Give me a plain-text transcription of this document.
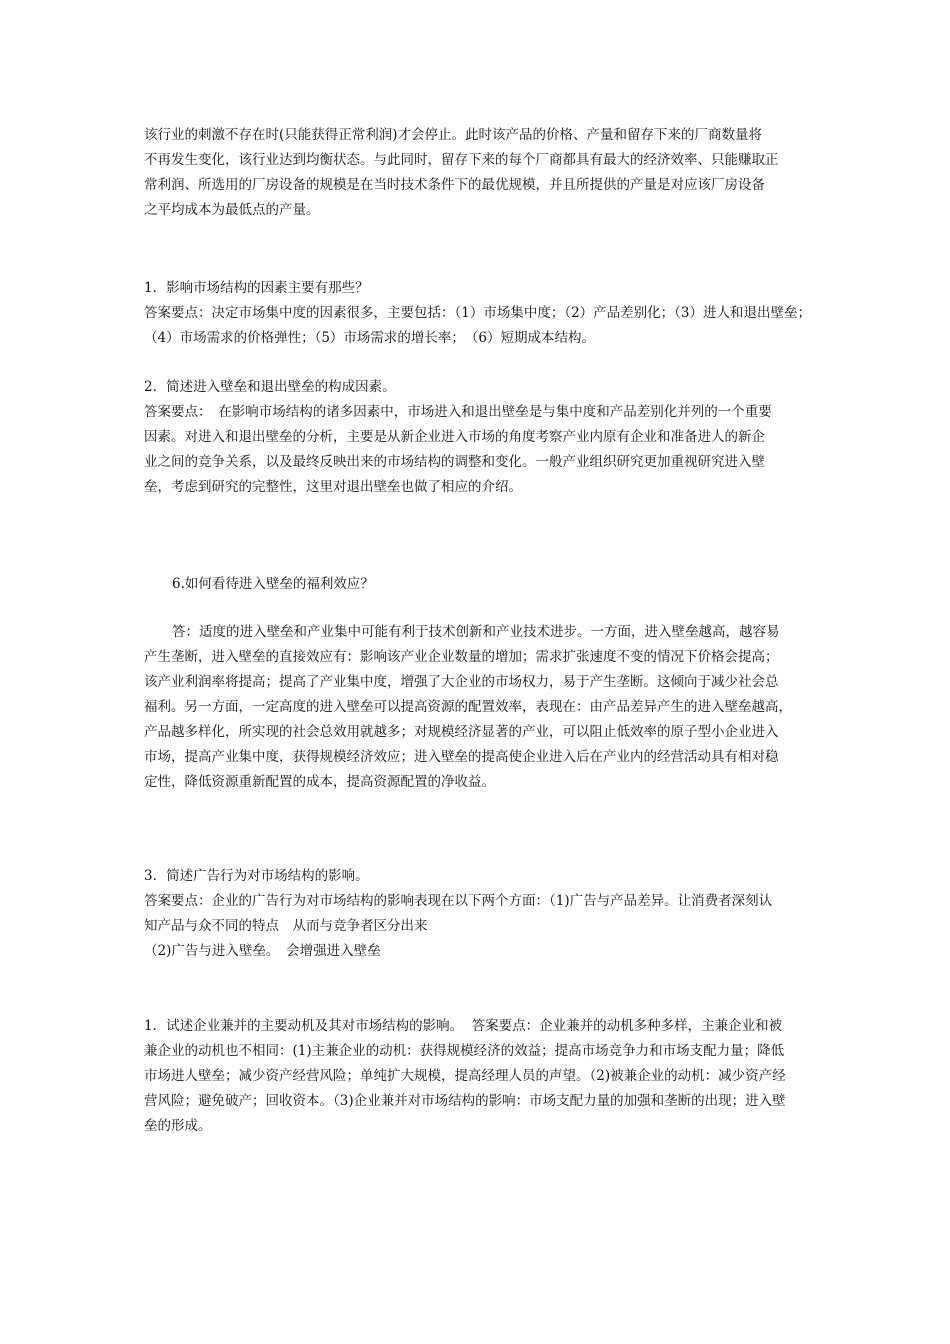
该行业的刺激不存在时(只能获得正常利润)才会停止。此时该产品的价格、产量和留存下来的厂商数量将

不再发生变化，该行业达到均衡状态。与此同时，留存下来的每个厂商都具有最大的经济效率、只能赚取正

常利润、所选用的厂房设备的规模是在当时技术条件下的最优规模，并且所提供的产量是对应该厂房设备

之平均成本为最低点的产量。

1．影响市场结构的因素主要有那些？

答案要点：决定市场集中度的因素很多，主要包括：（1）市场集中度；（2）产品差别化；（3）进人和退出壁垒；

（4）市场需求的价格弹性；（5）市场需求的增长率；　（6）短期成本结构。

2．简述进入壁垒和退出壁垒的构成因素。

答案要点：　在影响市场结构的诸多因素中，市场进入和退出壁垒是与集中度和产品差别化并列的一个重要

因素。对进入和退出壁垒的分析，主要是从新企业进入市场的角度考察产业内原有企业和准备进人的新企

业之间的竞争关系，以及最终反映出来的市场结构的调整和变化。一般产业组织研究更加重视研究进入壁

垒，考虑到研究的完整性，这里对退出壁垒也做了相应的介绍。

6.如何看待进入壁垒的福利效应？

答：适度的进入壁垒和产业集中可能有利于技术创新和产业技术进步。一方面，进入壁垒越高，越容易

产生垄断，进入壁垒的直接效应有：影响该产业企业数量的增加；需求扩张速度不变的情况下价格会提高；

该产业利润率将提高；提高了产业集中度，增强了大企业的市场权力，易于产生垄断。这倾向于减少社会总

福利。另一方面，一定高度的进入壁垒可以提高资源的配置效率，表现在：由产品差异产生的进入壁垒越高，

产品越多样化，所实现的社会总效用就越多；对规模经济显著的产业，可以阻止低效率的原子型小企业进入

市场，提高产业集中度，获得规模经济效应；进入壁垒的提高使企业进入后在产业内的经营活动具有相对稳

定性，降低资源重新配置的成本，提高资源配置的净收益。

3．简述广告行为对市场结构的影响。

答案要点：企业的广告行为对市场结构的影响表现在以下两个方面：（1)广告与产品差异。让消费者深刻认

知产品与众不同的特点　从而与竞争者区分出来

（2)广告与进入壁垒。　会增强进入壁垒

1．试述企业兼并的主要动机及其对市场结构的影响。  答案要点：企业兼并的动机多种多样，主兼企业和被

兼企业的动机也不相同：(1)主兼企业的动机：获得规模经济的效益；提高市场竞争力和市场支配力量；降低

市场进人壁垒；减少资产经营风险；单纯扩大规模，提高经理人员的声望。（2)被兼企业的动机：减少资产经

营风险；避免破产；回收资本。（3)企业兼并对市场结构的影响：市场支配力量的加强和垄断的出现；进入壁

垒的形成。
